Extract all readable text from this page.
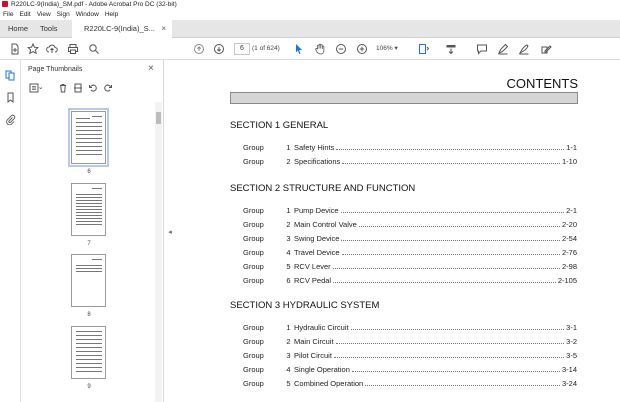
R220LC-9(India)_SM.pdf - Adobe Acrobat Pro DC (32-bit)
File Edit View Sign Window Help
Home Tools	R220LC-9(India)_S... ×
6	(1 of 624)	106% ▾
Page Thumbnails	×
6
7
8
9
◂
CONTENTS
SECTION 1 GENERAL
Group	1 Safety Hints	1-1
Group	2 Specifications	1-10
SECTION 2 STRUCTURE AND FUNCTION
Group	1 Pump Device	2-1
Group	2 Main Control Valve	2-20
Group	3 Swing Device	2-54
Group	4 Travel Device	2-76
Group	5 RCV Lever	2-98
Group	6 RCV Pedal	2-105
SECTION 3 HYDRAULIC SYSTEM
Group	1 Hydraulic Circuit	3-1
Group	2 Main Circuit	3-2
Group	3 Pilot Circuit	3-5
Group	4 Single Operation	3-14
Group	5 Combined Operation	3-24
